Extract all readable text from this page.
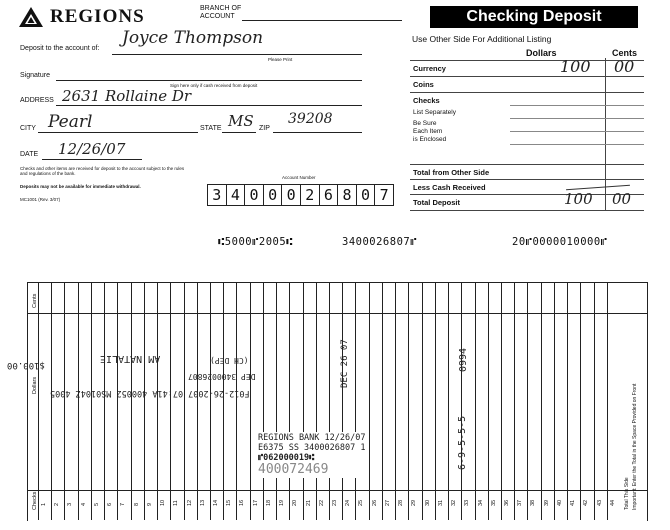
REGIONS	BRANCH OF
ACCOUNT	Checking Deposit
Use Other Side For Additional Listing
Deposit to the account of:
Joyce Thompson
Please Print
Signature
Sign here only if cash received from deposit
ADDRESS 2631 Rollaine Dr
CITY Pearl	STATE MS ZIP
39208
DATE 12/26/07
Checks and other items are received for deposit to the account subject to the rules and regulations of the bank.
Deposits may not be available for immediate withdrawal.
MC1001 (Rev. 3/07)
Account Number
3 4 0 0 0 2 6 8 0 7
Dollars	Cents
Currency	100 00
Coins
Checks
List Separately
Be Sure
Each Item
is Enclosed
Total from Other Side
Less Cash Received
Total Deposit	100 00
⑆5000⑈2005⑆	3400026807⑈	20⑈0000010000⑈
Cents
Dollars
Checks 1 2 3 4 5 6 7 8 9 10 11 12 13 14 15 16 17 18 19 20 21 22 23 24 25 26 27 28 29 30 31 32 33 34 35 36 37 38 39 40 41 42 43 44
$100.00
AM NATALIE	(CH DEP)
DEP 3400026807
F012-26-2007 07:41A 400052 MS0104Z 4005
DEC 26 07	0994
6-9-5-5-5
REGIONS BANK 12/26/07
E6375 SS 3400026807 1
⑈062000019⑆
400072469
Total This Side Important: Enter the Total in the Space Provided on Front
